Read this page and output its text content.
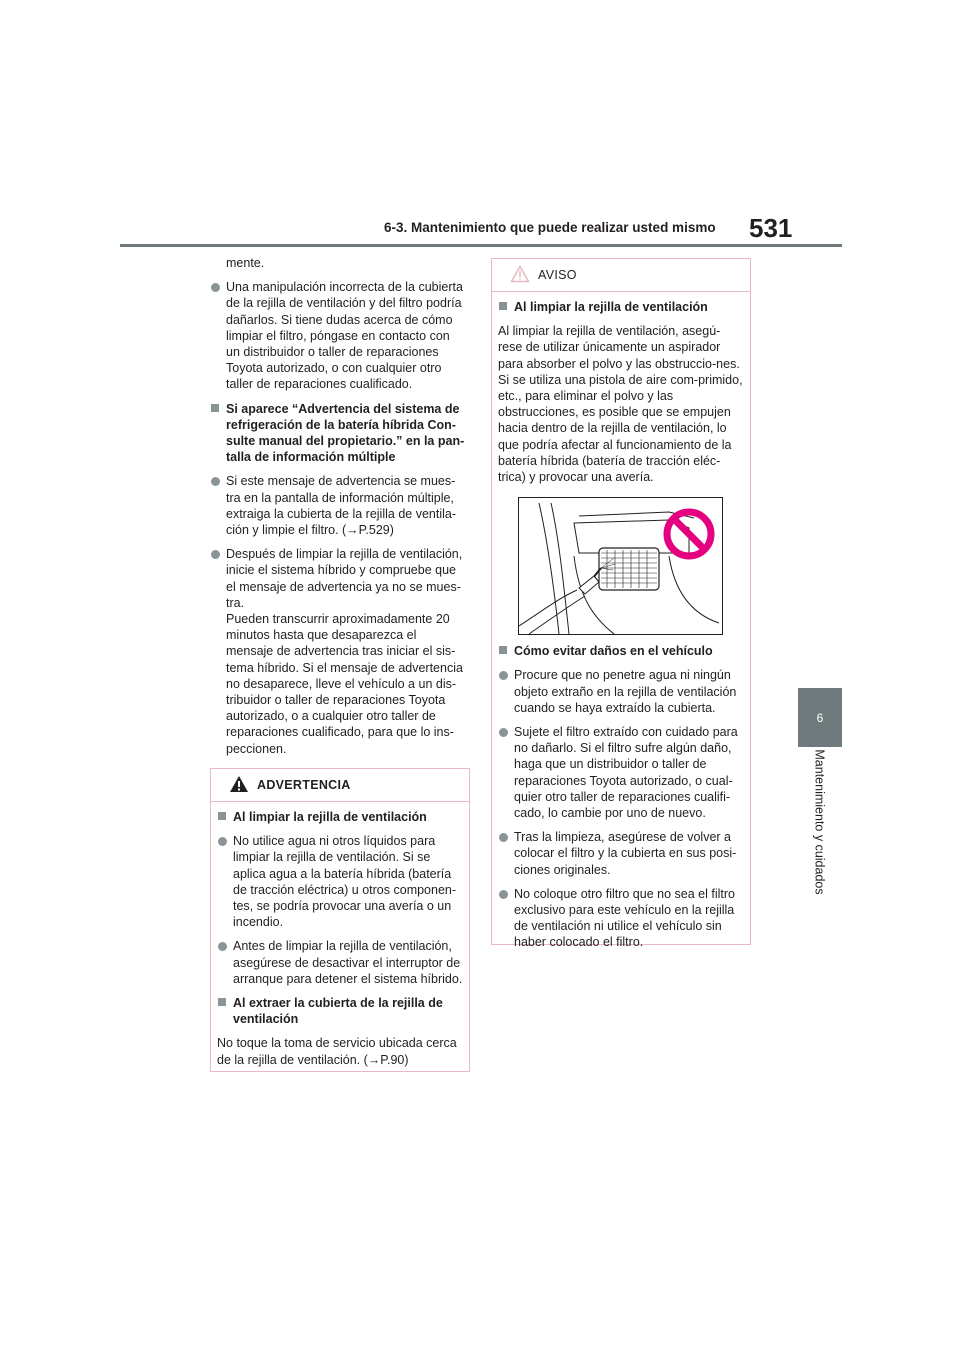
6-3. Mantenimiento que puede realizar usted mismo 531
6
Mantenimiento y cuidados
mente.
Una manipulación incorrecta de la cubierta de la rejilla de ventilación y del filtro podría dañarlos. Si tiene dudas acerca de cómo limpiar el filtro, póngase en contacto con un distribuidor o taller de reparaciones Toyota autorizado, o con cualquier otro taller de reparaciones cualificado.
Si aparece “Advertencia del sistema de refrigeración de la batería híbrida Con-sulte manual del propietario.” en la pan-talla de información múltiple
Si este mensaje de advertencia se mues-tra en la pantalla de información múltiple, extraiga la cubierta de la rejilla de ventila-ción y limpie el filtro. (→P.529)
Después de limpiar la rejilla de ventilación, inicie el sistema híbrido y compruebe que el mensaje de advertencia ya no se mues-tra.
Pueden transcurrir aproximadamente 20 minutos hasta que desaparezca el mensaje de advertencia tras iniciar el sis-tema híbrido. Si el mensaje de advertencia no desaparece, lleve el vehículo a un dis-tribuidor o taller de reparaciones Toyota autorizado, o a cualquier otro taller de reparaciones cualificado, para que lo ins-peccionen.
ADVERTENCIA
Al limpiar la rejilla de ventilación
No utilice agua ni otros líquidos para limpiar la rejilla de ventilación. Si se aplica agua a la batería híbrida (batería de tracción eléctrica) u otros componen-tes, se podría provocar una avería o un incendio.
Antes de limpiar la rejilla de ventilación, asegúrese de desactivar el interruptor de arranque para detener el sistema híbrido.
Al extraer la cubierta de la rejilla de ventilación
No toque la toma de servicio ubicada cerca de la rejilla de ventilación. (→P.90)
AVISO
Al limpiar la rejilla de ventilación
Al limpiar la rejilla de ventilación, asegú-rese de utilizar únicamente un aspirador para absorber el polvo y las obstruccio-nes. Si se utiliza una pistola de aire com-primido, etc., para eliminar el polvo y las obstrucciones, es posible que se empujen hacia dentro de la rejilla de ventilación, lo que podría afectar al funcionamiento de la batería híbrida (batería de tracción eléc-trica) y provocar una avería.
Cómo evitar daños en el vehículo
Procure que no penetre agua ni ningún objeto extraño en la rejilla de ventilación cuando se haya extraído la cubierta.
Sujete el filtro extraído con cuidado para no dañarlo. Si el filtro sufre algún daño, haga que un distribuidor o taller de reparaciones Toyota autorizado, o cual-quier otro taller de reparaciones cualifi-cado, lo cambie por uno de nuevo.
Tras la limpieza, asegúrese de volver a colocar el filtro y la cubierta en sus posi-ciones originales.
No coloque otro filtro que no sea el filtro exclusivo para este vehículo en la rejilla de ventilación ni utilice el vehículo sin haber colocado el filtro.
